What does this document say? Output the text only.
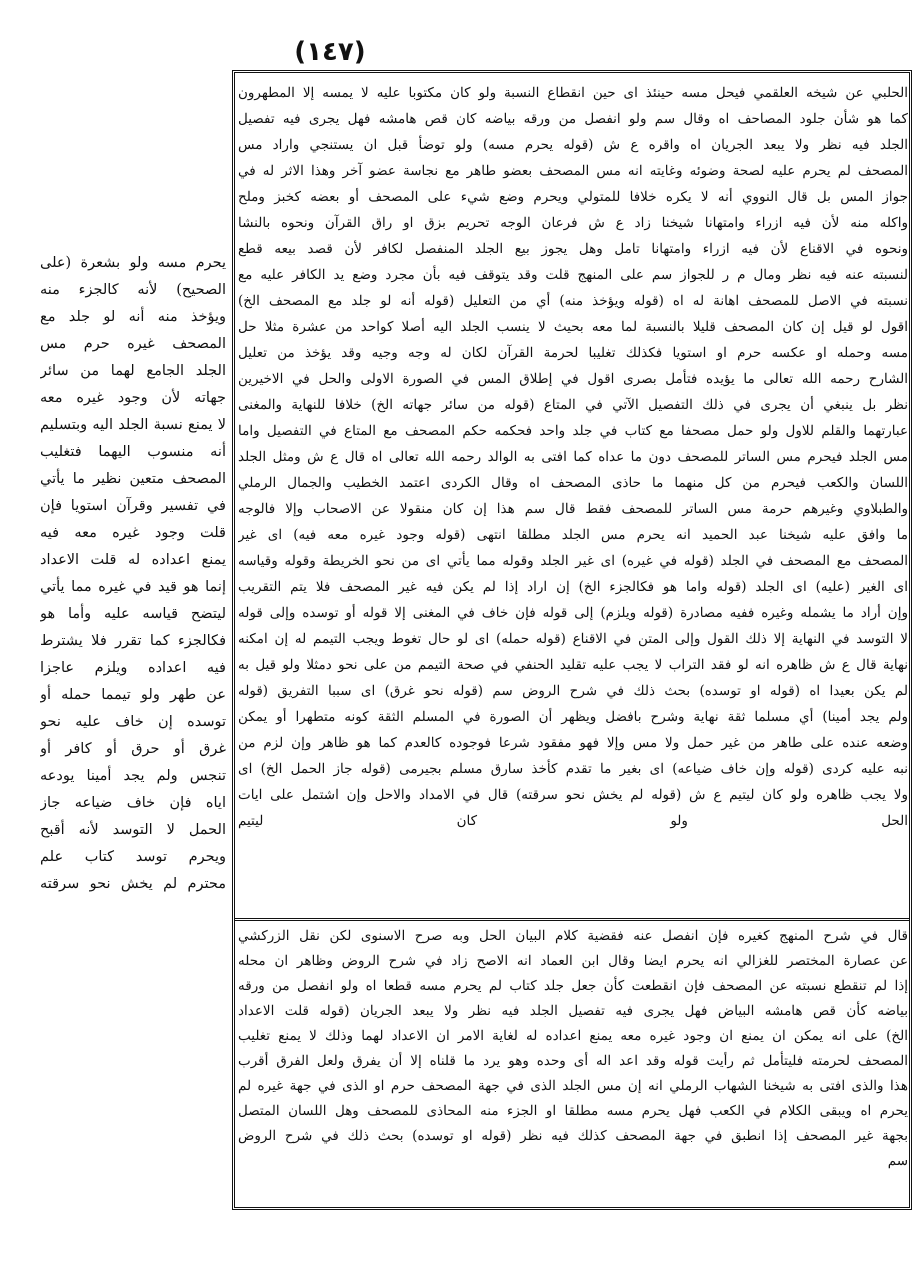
(١٤٧)
الحلبي عن شيخه العلقمي فيحل مسه حينئذ اى حين انقطاع النسبة ولو كان مكتوبا عليه لا يمسه إلا المطهرون
كما هو شأن جلود المصاحف اه وقال سم ولو انفصل من ورقه بياضه كان قص هامشه فهل يجرى فيه تفصيل
الجلد فيه نظر ولا يبعد الجريان اه واقره ع ش (قوله يحرم مسه) ولو توضأ قبل ان يستنجي واراد مس
المصحف لم يحرم عليه لصحة وضوئه وغايته انه مس المصحف بعضو طاهر مع نجاسة عضو آخر وهذا الاثر له في
جواز المس بل قال النووي أنه لا يكره خلافا للمتولي ويحرم وضع شيء على المصحف أو بعضه كخبز وملح
واكله منه لأن فيه ازراء وامتهانا شيخنا زاد ع ش فرعان الوجه تحريم بزق او راق القرآن ونحوه بالنشا
ونحوه في الاقناع لأن فيه ازراء وامتهانا تامل وهل يجوز بيع الجلد المنفصل لكافر لأن قصد بيعه قطع
لنسبته عنه فيه نظر ومال م ر للجواز سم على المنهج قلت وقد يتوقف فيه بأن مجرد وضع يد الكافر عليه مع
نسبته في الاصل للمصحف اهانة له اه (قوله ويؤخذ منه) أي من التعليل (قوله أنه لو جلد مع المصحف الخ)
اقول لو قيل إن كان المصحف قليلا بالنسبة لما معه بحيث لا ينسب الجلد اليه أصلا كواحد من عشرة مثلا حل
مسه وحمله او عكسه حرم او استويا فكذلك تغليبا لحرمة القرآن لكان له وجه وجيه وقد يؤخذ من تعليل
الشارح رحمه الله تعالى ما يؤيده فتأمل بصرى اقول في إطلاق المس في الصورة الاولى والحل في الاخيرين
نظر بل ينبغي أن يجرى في ذلك التفصيل الآتي في المتاع (قوله من سائر جهاته الخ) خلافا للنهاية والمغنى
عبارتهما والقلم للاول ولو حمل مصحفا مع كتاب في جلد واحد فحكمه حكم المصحف مع المتاع في التفصيل واما
مس الجلد فيحرم مس الساتر للمصحف دون ما عداه كما افتى به الوالد رحمه الله تعالى اه قال ع ش ومثل الجلد
اللسان والكعب فيحرم من كل منهما ما حاذى المصحف اه وقال الكردى اعتمد الخطيب والجمال الرملي
والطبلاوي وغيرهم حرمة مس الساتر للمصحف فقط قال سم هذا إن كان منقولا عن الاصحاب وإلا فالوجه
ما وافق عليه شيخنا عبد الحميد انه يحرم مس الجلد مطلقا انتهى (قوله وجود غيره معه فيه) اى غير
المصحف مع المصحف في الجلد (قوله في غيره) اى غير الجلد وقوله مما يأتي اى من نحو الخريطة وقوله وقياسه
اى الغير (عليه) اى الجلد (قوله واما هو فكالجزء الخ) إن اراد إذا لم يكن فيه غير المصحف فلا يتم التقريب
وإن أراد ما يشمله وغيره ففيه مصادرة (قوله ويلزم) إلى قوله فإن خاف في المغنى إلا قوله أو توسده وإلى قوله
لا التوسد في النهاية إلا ذلك القول وإلى المتن في الاقناع (قوله حمله) اى لو حال تغوط ويجب التيمم له إن امكنه
نهاية قال ع ش ظاهره انه لو فقد التراب لا يجب عليه تقليد الحنفي في صحة التيمم من على نحو دمثلا ولو قيل به
لم يكن بعيدا اه (قوله او توسده) بحث ذلك في شرح الروض سم (قوله نحو غرق) اى سببا التفريق (قوله
ولم يجد أمينا) أي مسلما ثقة نهاية وشرح بافضل ويظهر أن الصورة في المسلم الثقة كونه متطهرا أو يمكن
وضعه عنده على طاهر من غير حمل ولا مس وإلا فهو مفقود شرعا فوجوده كالعدم كما هو ظاهر وإن لزم من
نبه عليه كردى (قوله وإن خاف ضياعه) اى بغير ما تقدم كأخذ سارق مسلم بجيرمى (قوله جاز الحمل الخ) اى
ولا يجب ظاهره ولو كان ليتيم ع ش (قوله لم يخش نحو سرقته) قال في الامداد والاحل وإن اشتمل على ايات
الحل ولو كان ليتيم
قال في شرح المنهج كغيره فإن انفصل عنه فقضية كلام البيان الحل وبه صرح الاسنوى لكن نقل الزركشي
عن عصارة المختصر للغزالي انه يحرم ايضا وقال ابن العماد انه الاصح زاد في شرح الروض وظاهر ان محله
إذا لم تنقطع نسبته عن المصحف فإن انقطعت كأن جعل جلد كتاب لم يحرم مسه قطعا اه ولو انفصل من ورقه
بياضه كأن قص هامشه البياض فهل يجرى فيه تفصيل الجلد فيه نظر ولا يبعد الجريان (قوله قلت الاعداد
الخ) على انه يمكن ان يمنع ان وجود غيره معه يمنع اعداده له لغاية الامر ان الاعداد لهما وذلك لا يمنع تغليب
المصحف لحرمته فليتأمل ثم رأيت قوله وقد اعد اله أى وحده وهو يرد ما قلناه إلا أن يفرق ولعل الفرق أقرب
هذا والذى افتى به شيخنا الشهاب الرملي انه إن مس الجلد الذى في جهة المصحف حرم او الذى في جهة غيره لم
يحرم اه ويبقى الكلام في الكعب فهل يحرم مسه مطلقا او الجزء منه المحاذى للمصحف وهل اللسان المتصل
بجهة غير المصحف إذا انطبق في جهة المصحف كذلك فيه نظر (قوله او توسده) بحث ذلك في شرح الروض
سم
يحرم مسه ولو بشعرة (على
الصحيح) لأنه كالجزء منه
ويؤخذ منه أنه لو جلد مع
المصحف غيره حرم مس
الجلد الجامع لهما من سائر
جهاته لأن وجود غيره معه
لا يمنع نسبة الجلد اليه وبتسليم
أنه منسوب اليهما فتغليب
المصحف متعين نظير ما يأتي
في تفسير وقرآن استويا فإن
قلت وجود غيره معه فيه
يمنع اعداده له قلت الاعداد
إنما هو قيد في غيره مما يأتي
ليتضح قياسه عليه وأما هو
فكالجزء كما تقرر فلا يشترط
فيه اعداده ويلزم عاجزا
عن طهر ولو تيمما حمله أو
توسده إن خاف عليه نحو
غرق أو حرق أو كافر أو
تنجس ولم يجد أمينا يودعه
اياه فإن خاف ضياعه جاز
الحمل لا التوسد لأنه أقبح
ويحرم توسد كتاب علم
محترم لم يخش نحو سرقته
